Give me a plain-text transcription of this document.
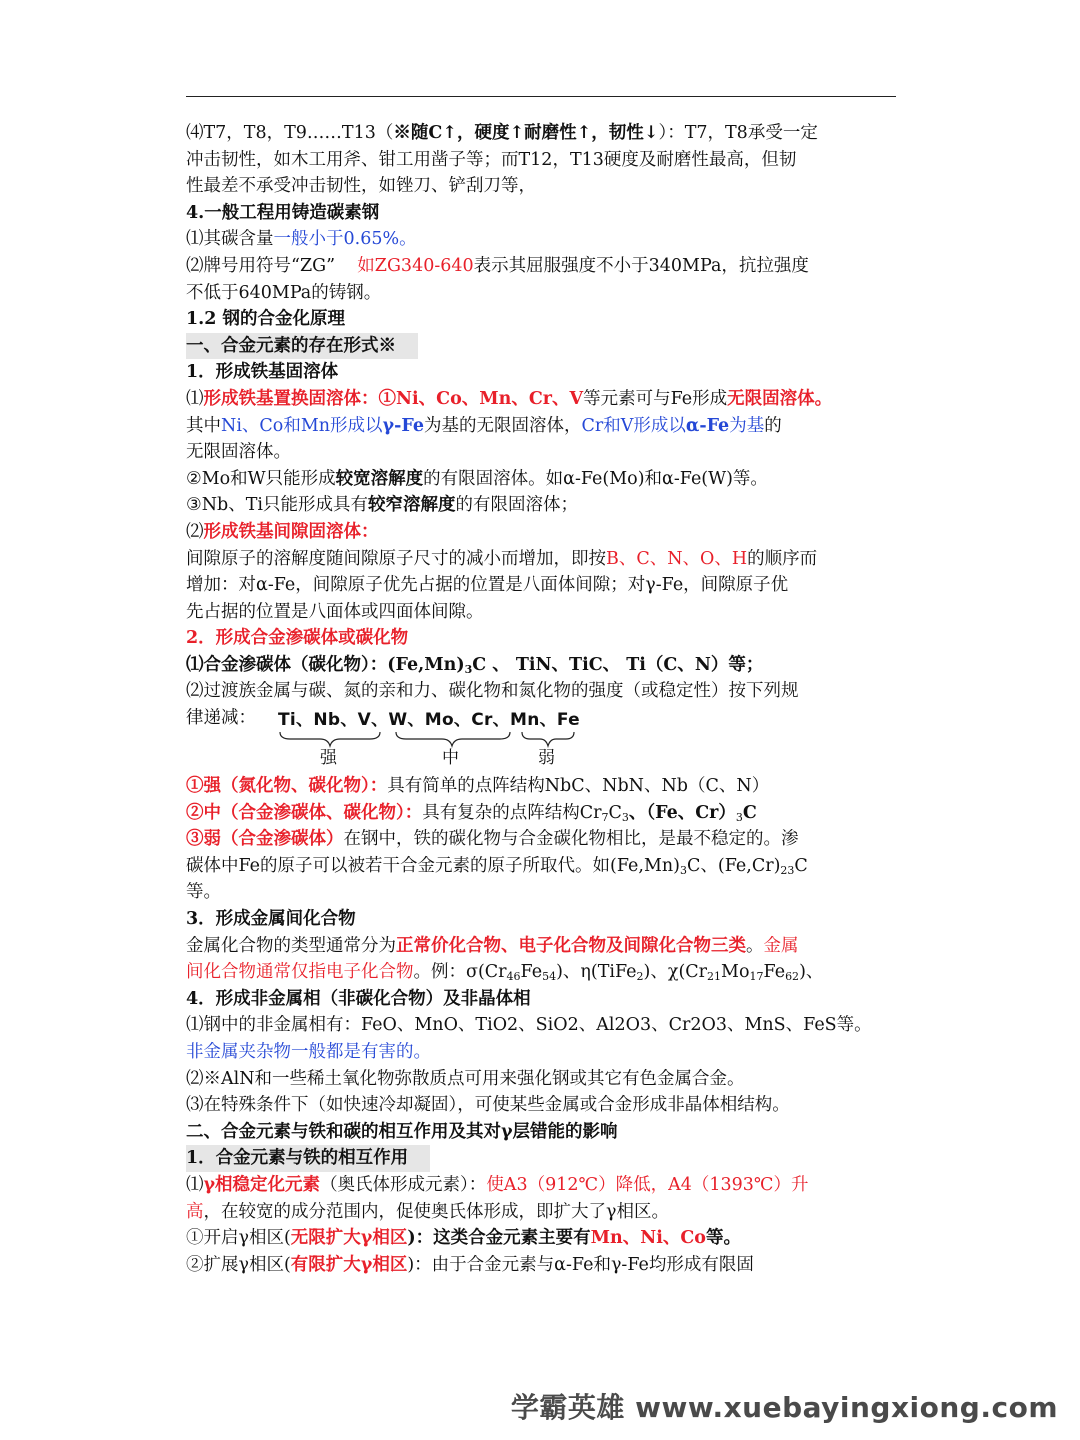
⑷T7，T8，T9……T13（※随C↑，硬度↑耐磨性↑，韧性↓）：T7，T8承受一定
冲击韧性，如木工用斧、钳工用凿子等；而T12，T13硬度及耐磨性最高，但韧
性最差不承受冲击韧性，如锉刀、铲刮刀等，
4.一般工程用铸造碳素钢
⑴其碳含量一般小于0.65%。
⑵牌号用符号“ZG”    如ZG340-640表示其屈服强度不小于340MPa，抗拉强度
不低于640MPa的铸钢。
1.2 钢的合金化原理
一、合金元素的存在形式※
1．形成铁基固溶体
⑴形成铁基置换固溶体：①Ni、Co、Mn、Cr、V等元素可与Fe形成无限固溶体。
其中Ni、Co和Mn形成以γ-Fe为基的无限固溶体，Cr和V形成以α-Fe为基的
无限固溶体。
②Mo和W只能形成较宽溶解度的有限固溶体。如α-Fe(Mo)和α-Fe(W)等。
③Nb、Ti只能形成具有较窄溶解度的有限固溶体；
⑵形成铁基间隙固溶体：
间隙原子的溶解度随间隙原子尺寸的减小而增加，即按B、C、N、O、H的顺序而
增加：对α-Fe，间隙原子优先占据的位置是八面体间隙；对γ-Fe，间隙原子优
先占据的位置是八面体或四面体间隙。
2．形成合金渗碳体或碳化物
⑴合金渗碳体（碳化物）：$(Fe,Mn)_3C$ 、 TiN、TiC、 Ti（C、N）等；
⑵过渡族金属与碳、氮的亲和力、碳化物和氮化物的强度（或稳定性）按下列规
律递减： Ti、Nb、V、W、Mo、Cr、Mn、Fe
强	中	弱
①强（氮化物、碳化物）：具有简单的点阵结构NbC、NbN、Nb（C、N）
②中（合金渗碳体、碳化物）：具有复杂的点阵结构$Cr_7C_3$、（Fe、$Cr)_3C$
③弱（合金渗碳体）在钢中，铁的碳化物与合金碳化物相比，是最不稳定的。渗
碳体中Fe的原子可以被若干合金元素的原子所取代。如$(Fe,Mn)_3C$、$(Fe,Cr)_{23}C$
等。
3．形成金属间化合物
金属化合物的类型通常分为正常价化合物、电子化合物及间隙化合物三类。金属
间化合物通常仅指电子化合物。例：$\sigma(Cr_{46}Fe_{54})$、η(TiFe$_2$)、$\chi(Cr_{21}Mo_{17}Fe_{62})$、
4．形成非金属相（非碳化合物）及非晶体相
⑴钢中的非金属相有：FeO、MnO、TiO2、SiO2、Al2O3、Cr2O3、MnS、FeS等。
非金属夹杂物一般都是有害的。
⑵※AlN和一些稀土氧化物弥散质点可用来强化钢或其它有色金属合金。
⑶在特殊条件下（如快速冷却凝固），可使某些金属或合金形成非晶体相结构。
二、合金元素与铁和碳的相互作用及其对γ层错能的影响
1．合金元素与铁的相互作用
⑴γ相稳定化元素（奥氏体形成元素）：使A3（912℃）降低，A4（1393℃）升
高，在较宽的成分范围内，促使奥氏体形成，即扩大了γ相区。
①开启γ相区(无限扩大γ相区)：这类合金元素主要有Mn、Ni、Co等。
②扩展γ相区(有限扩大γ相区)：由于合金元素与α-Fe和γ-Fe均形成有限固
学霸英雄 www.xuebayingxiong.com
